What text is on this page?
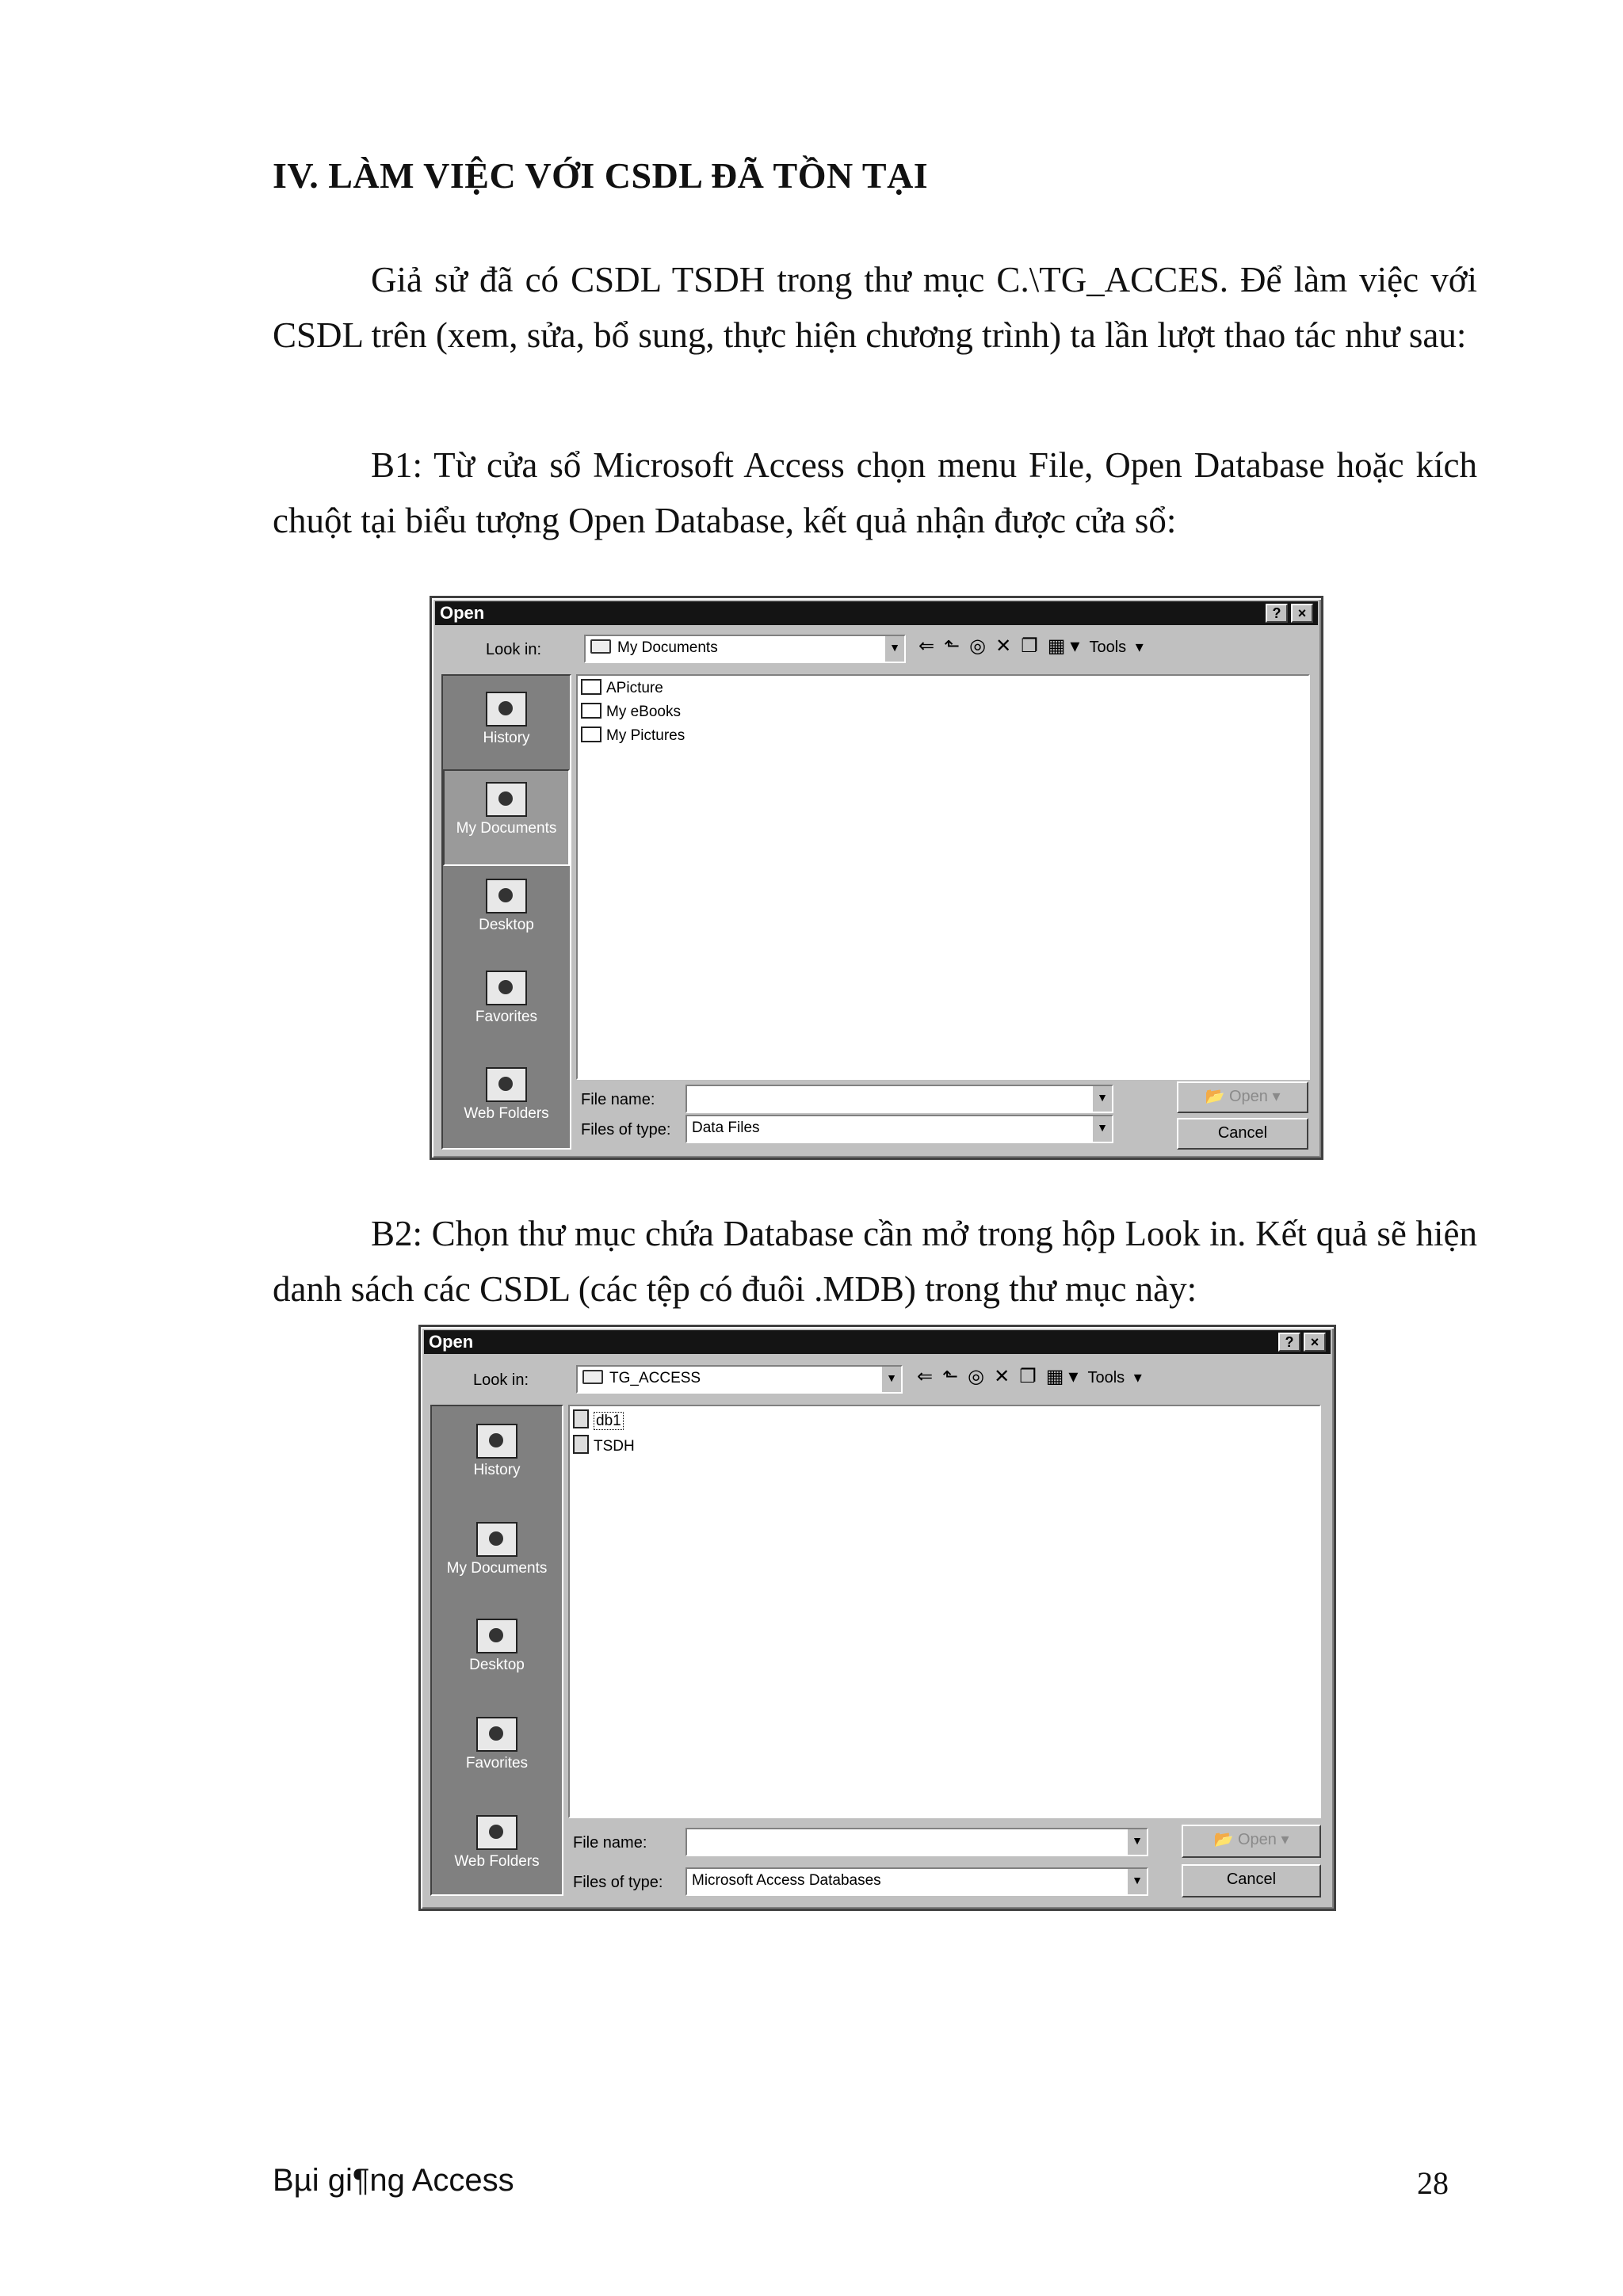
IV. LÀM VIỆC VỚI CSDL ĐÃ TỒN TẠI

Giả sử đã có CSDL TSDH trong thư mục C.\TG_ACCES. Để làm việc với CSDL trên (xem, sửa, bổ sung, thực hiện chương trình) ta lần lượt thao tác như sau:

B1: Từ cửa sổ Microsoft Access chọn menu File, Open Database hoặc kích chuột tại biểu tượng Open Database, kết quả nhận được cửa sổ:

Open	?	×
Look in:	My Documents	▼ ⇐ ⬑ ◎ ✕ ❐ ▦▾ Tools ▾
History
My Documents
Desktop
Favorites
Web Folders
APicture
My eBooks
My Pictures
File name:	▼
Files of type:	Data Files	▼
📂 Open ▾
Cancel

B2: Chọn thư mục chứa Database cần mở trong hộp Look in. Kết quả sẽ hiện danh sách các CSDL (các tệp có đuôi .MDB) trong thư mục này:

Open	?	×
Look in:	TG_ACCESS	▼ ⇐ ⬑ ◎ ✕ ❐ ▦▾ Tools ▾
History
My Documents
Desktop
Favorites
Web Folders
db1
TSDH
File name:	▼
Files of type:	Microsoft Access Databases	▼
📂 Open ▾
Cancel
Bµi gi¶ng Access	28
